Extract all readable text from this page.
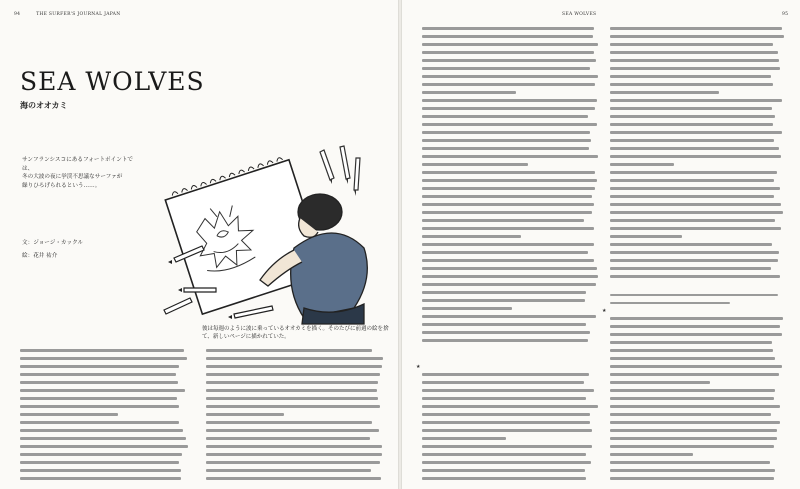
94	THE SURFER'S JOURNAL JAPAN
SEA WOLVES
海のオオカミ

サンフランシスコにあるフォートポイントでは、

冬の大波の夜に挙渓不思議なサーファが

繰りひろげられるという……。

文：ジョージ・カックル
絵：花井 祐介
彼は毎週のように波に乗っているオオカミを描く。そのたびに前週の絵を捨て、新しいページに描かれていた。
SEA WOLVES	95
★
★
